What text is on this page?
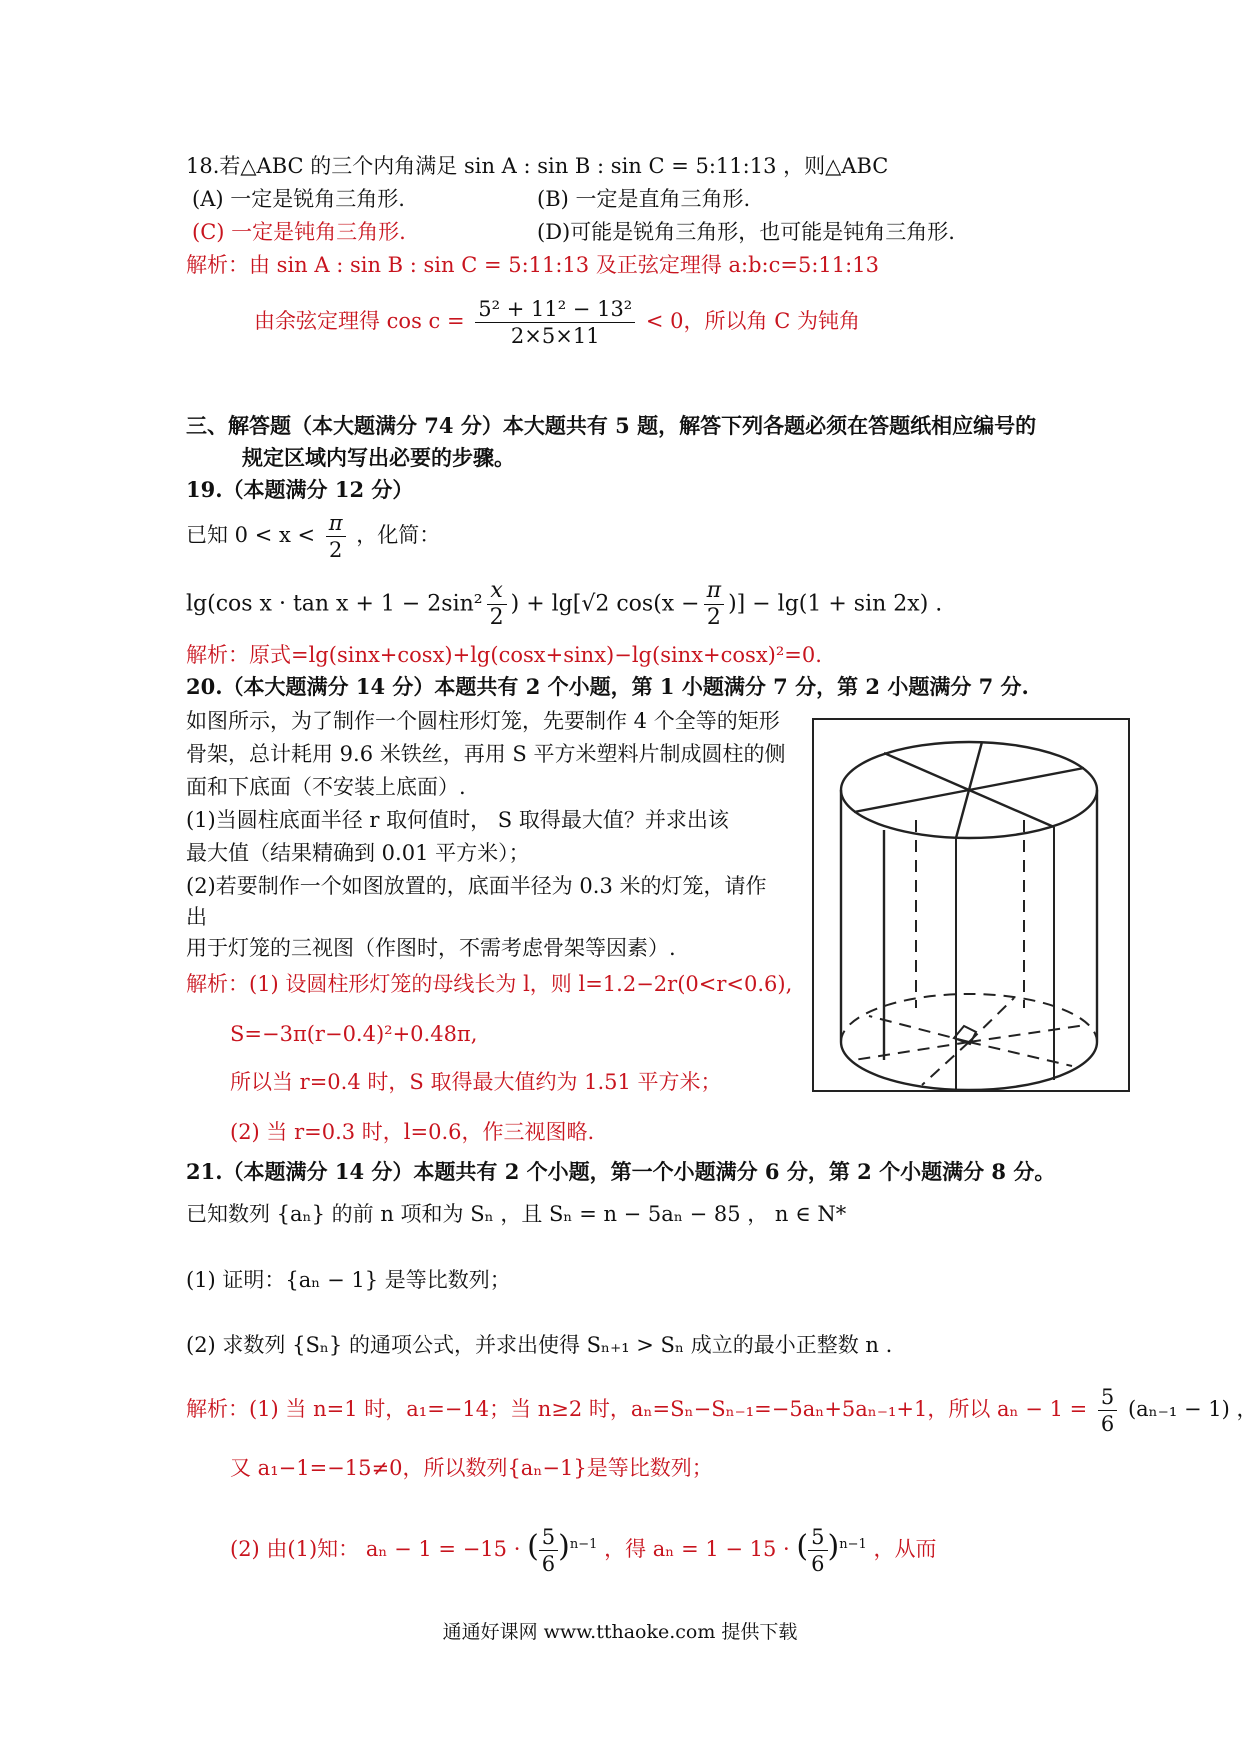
18.若△ABC 的三个内角满足 sin A : sin B : sin C = 5:11:13 ，则△ABC
(A) 一定是锐角三角形.	(B) 一定是直角三角形.
(C) 一定是钝角三角形.	(D)可能是锐角三角形，也可能是钝角三角形.
解析：由 sin A : sin B : sin C = 5:11:13 及正弦定理得 a:b:c=5:11:13
由余弦定理得 $\cos c = \frac{\text{5² + 11² − 13²}}{2\times 5\times 11} < 0$，所以角 C 为钝角
三、解答题（本大题满分 74 分）本大题共有 5 题，解答下列各题必须在答题纸相应编号的
规定区域内写出必要的步骤。
19.（本题满分 12 分）
已知 $0 < x < \frac{\pi}{2}$ ，化简：
lg(cos $x \cdot \tan x + 1 - 2\sin^2 \frac{x}{2}$ ) + lg[√2 $\cos(x - \frac{\pi}{2}$ )] − lg(1 + sin 2x) .
解析：原式=lg(sinx+cosx)+lg(cosx+sinx)−lg(sinx+cosx)²=0.
20.（本大题满分 14 分）本题共有 2 个小题，第 1 小题满分 7 分，第 2 小题满分 7 分.
如图所示，为了制作一个圆柱形灯笼，先要制作 4 个全等的矩形
骨架，总计耗用 9.6 米铁丝，再用 S 平方米塑料片制成圆柱的侧
面和下底面（不安装上底面）.
(1)当圆柱底面半径 r 取何值时， S 取得最大值？并求出该
最大值（结果精确到 0.01 平方米）；
(2)若要制作一个如图放置的，底面半径为 0.3 米的灯笼，请作
出
用于灯笼的三视图（作图时，不需考虑骨架等因素）.
解析：(1) 设圆柱形灯笼的母线长为 l，则 l=1.2−2r(0<r<0.6),
S=−3π(r−0.4)²+0.48π,
所以当 r=0.4 时，S 取得最大值约为 1.51 平方米；
(2) 当 r=0.3 时，l=0.6，作三视图略.
21.（本题满分 14 分）本题共有 2 个小题，第一个小题满分 6 分，第 2 个小题满分 8 分。
已知数列 {aₙ} 的前 n 项和为 Sₙ ，且 Sₙ = n − 5aₙ − 85 ， n ∈ N*
(1) 证明：{aₙ − 1} 是等比数列；
(2) 求数列 {Sₙ} 的通项公式，并求出使得 Sₙ₊₁ > Sₙ 成立的最小正整数 n .
解析：(1) 当 n=1 时，a₁=−14；当 n≥2 时，aₙ=Sₙ−Sₙ₋₁=−5aₙ+5aₙ₋₁+1，所以 $a_n - 1 = \frac{5}{6} (a_{n-1} - 1)$ ，
又 a₁−1=−15≠0，所以数列{aₙ−1}是等比数列；
(2) 由(1)知： aₙ − 1 = −15 · ( $\frac{5}{6} )^{n-1}$ ，得 aₙ = 1 − 15 · ( $\frac{5}{6} )^{n-1}$ ，从而
通通好课网 www.tthaoke.com 提供下载
